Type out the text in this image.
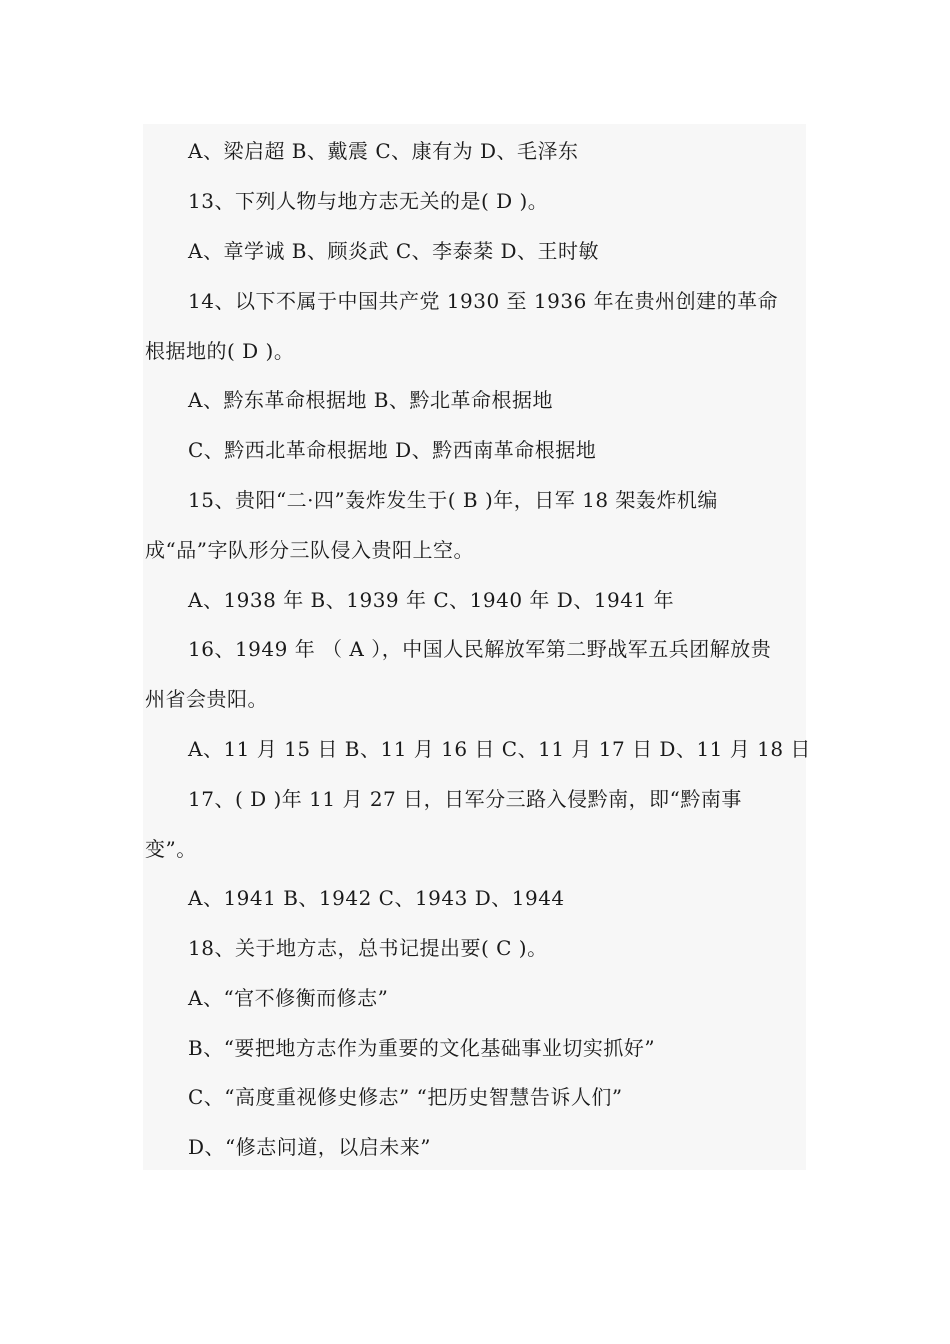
A、梁启超 B、戴震 C、康有为 D、毛泽东
13、下列人物与地方志无关的是( D )。
A、章学诚 B、顾炎武 C、李泰棻 D、王时敏
14、以下不属于中国共产党 1930 至 1936 年在贵州创建的革命
根据地的( D )。
A、黔东革命根据地 B、黔北革命根据地
C、黔西北革命根据地 D、黔西南革命根据地
15、贵阳“二·四”轰炸发生于( B )年，日军 18 架轰炸机编
成“品”字队形分三队侵入贵阳上空。
A、1938 年 B、1939 年 C、1940 年 D、1941 年
16、1949 年 （ A ），中国人民解放军第二野战军五兵团解放贵
州省会贵阳。
A、11 月 15 日 B、11 月 16 日 C、11 月 17 日 D、11 月 18 日
17、( D )年 11 月 27 日，日军分三路入侵黔南，即“黔南事
变”。
A、1941 B、1942 C、1943 D、1944
18、关于地方志，总书记提出要( C )。
A、“官不修衡而修志”
B、“要把地方志作为重要的文化基础事业切实抓好”
C、“高度重视修史修志” “把历史智慧告诉人们”
D、“修志问道，以启未来”
